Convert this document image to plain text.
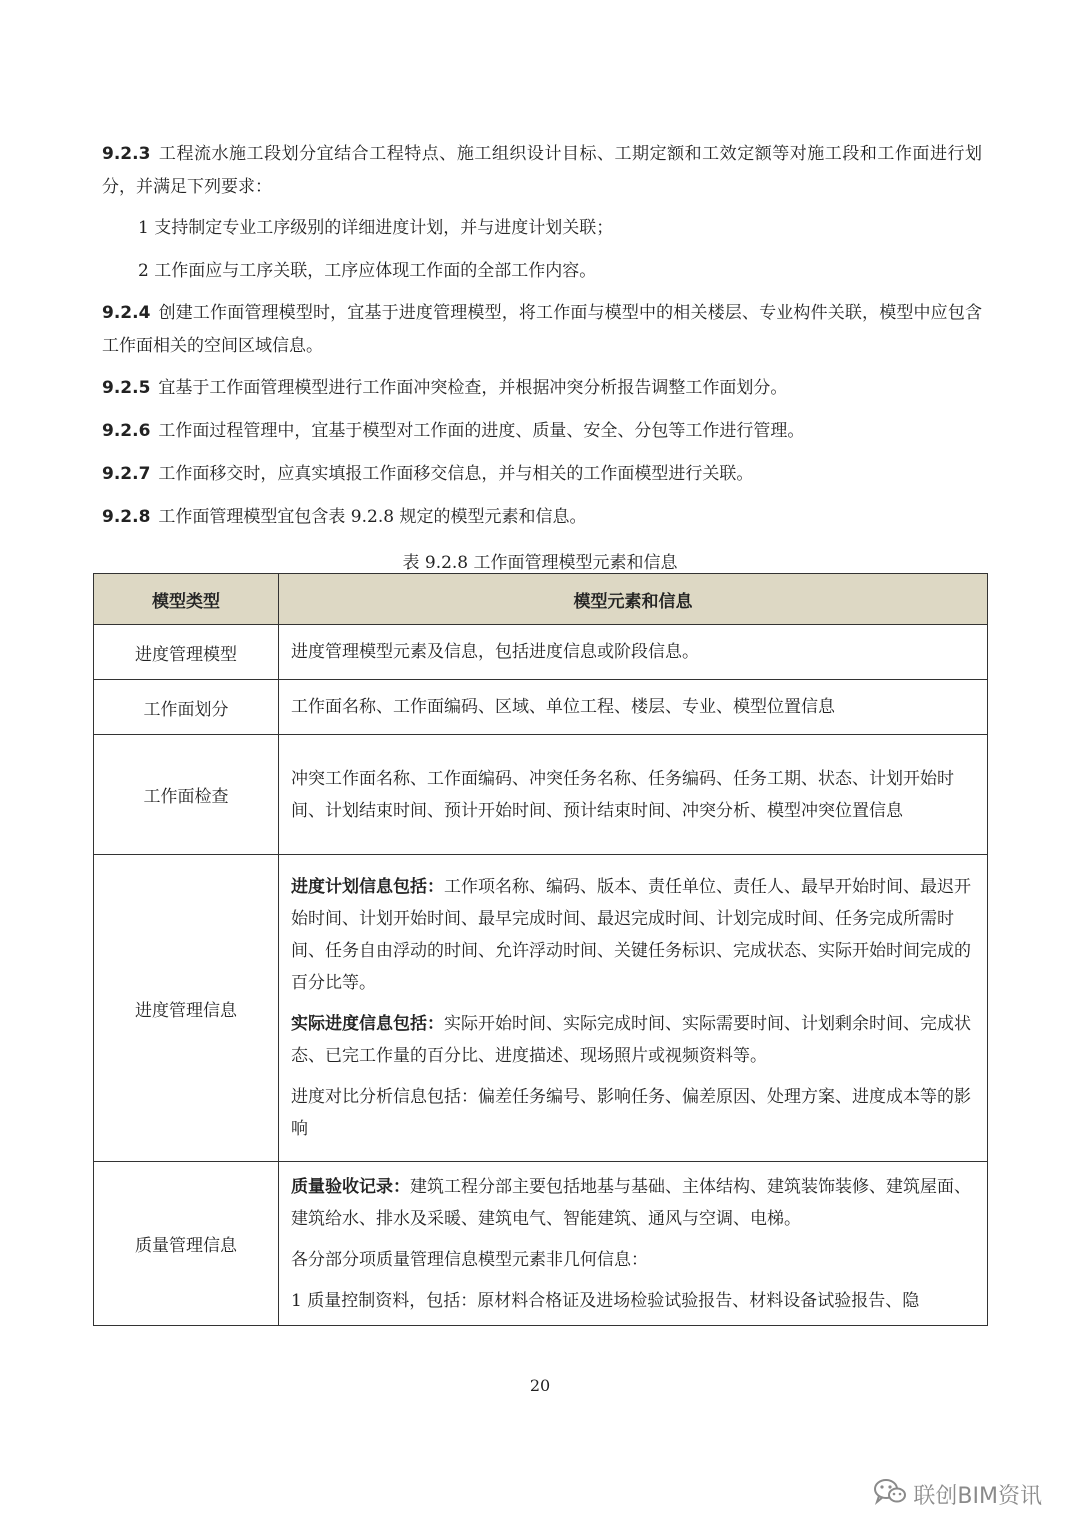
9.2.3 工程流水施工段划分宜结合工程特点、施工组织设计目标、工期定额和工效定额等对施工段和工作面进行划分，并满足下列要求：

1 支持制定专业工序级别的详细进度计划，并与进度计划关联；

2 工作面应与工序关联，工序应体现工作面的全部工作内容。

9.2.4 创建工作面管理模型时，宜基于进度管理模型，将工作面与模型中的相关楼层、专业构件关联，模型中应包含工作面相关的空间区域信息。

9.2.5 宜基于工作面管理模型进行工作面冲突检查，并根据冲突分析报告调整工作面划分。

9.2.6 工作面过程管理中，宜基于模型对工作面的进度、质量、安全、分包等工作进行管理。

9.2.7 工作面移交时，应真实填报工作面移交信息，并与相关的工作面模型进行关联。

9.2.8 工作面管理模型宜包含表 9.2.8 规定的模型元素和信息。

表 9.2.8 工作面管理模型元素和信息
模型类型	模型元素和信息
进度管理模型	进度管理模型元素及信息，包括进度信息或阶段信息。
工作面划分	工作面名称、工作面编码、区域、单位工程、楼层、专业、模型位置信息
工作面检查	冲突工作面名称、工作面编码、冲突任务名称、任务编码、任务工期、状态、计划开始时间、计划结束时间、预计开始时间、预计结束时间、冲突分析、模型冲突位置信息
进度管理信息	进度计划信息包括：工作项名称、编码、版本、责任单位、责任人、最早开始时间、最迟开始时间、计划开始时间、最早完成时间、最迟完成时间、计划完成时间、任务完成所需时间、任务自由浮动的时间、允许浮动时间、关键任务标识、完成状态、实际开始时间完成的百分比等。

实际进度信息包括：实际开始时间、实际完成时间、实际需要时间、计划剩余时间、完成状态、已完工作量的百分比、进度描述、现场照片或视频资料等。

进度对比分析信息包括：偏差任务编号、影响任务、偏差原因、处理方案、进度成本等的影响

质量管理信息	质量验收记录：建筑工程分部主要包括地基与基础、主体结构、建筑装饰装修、建筑屋面、建筑给水、排水及采暖、建筑电气、智能建筑、通风与空调、电梯。

各分部分项质量管理信息模型元素非几何信息：

1 质量控制资料，包括：原材料合格证及进场检验试验报告、材料设备试验报告、隐

20
联创BIM资讯
